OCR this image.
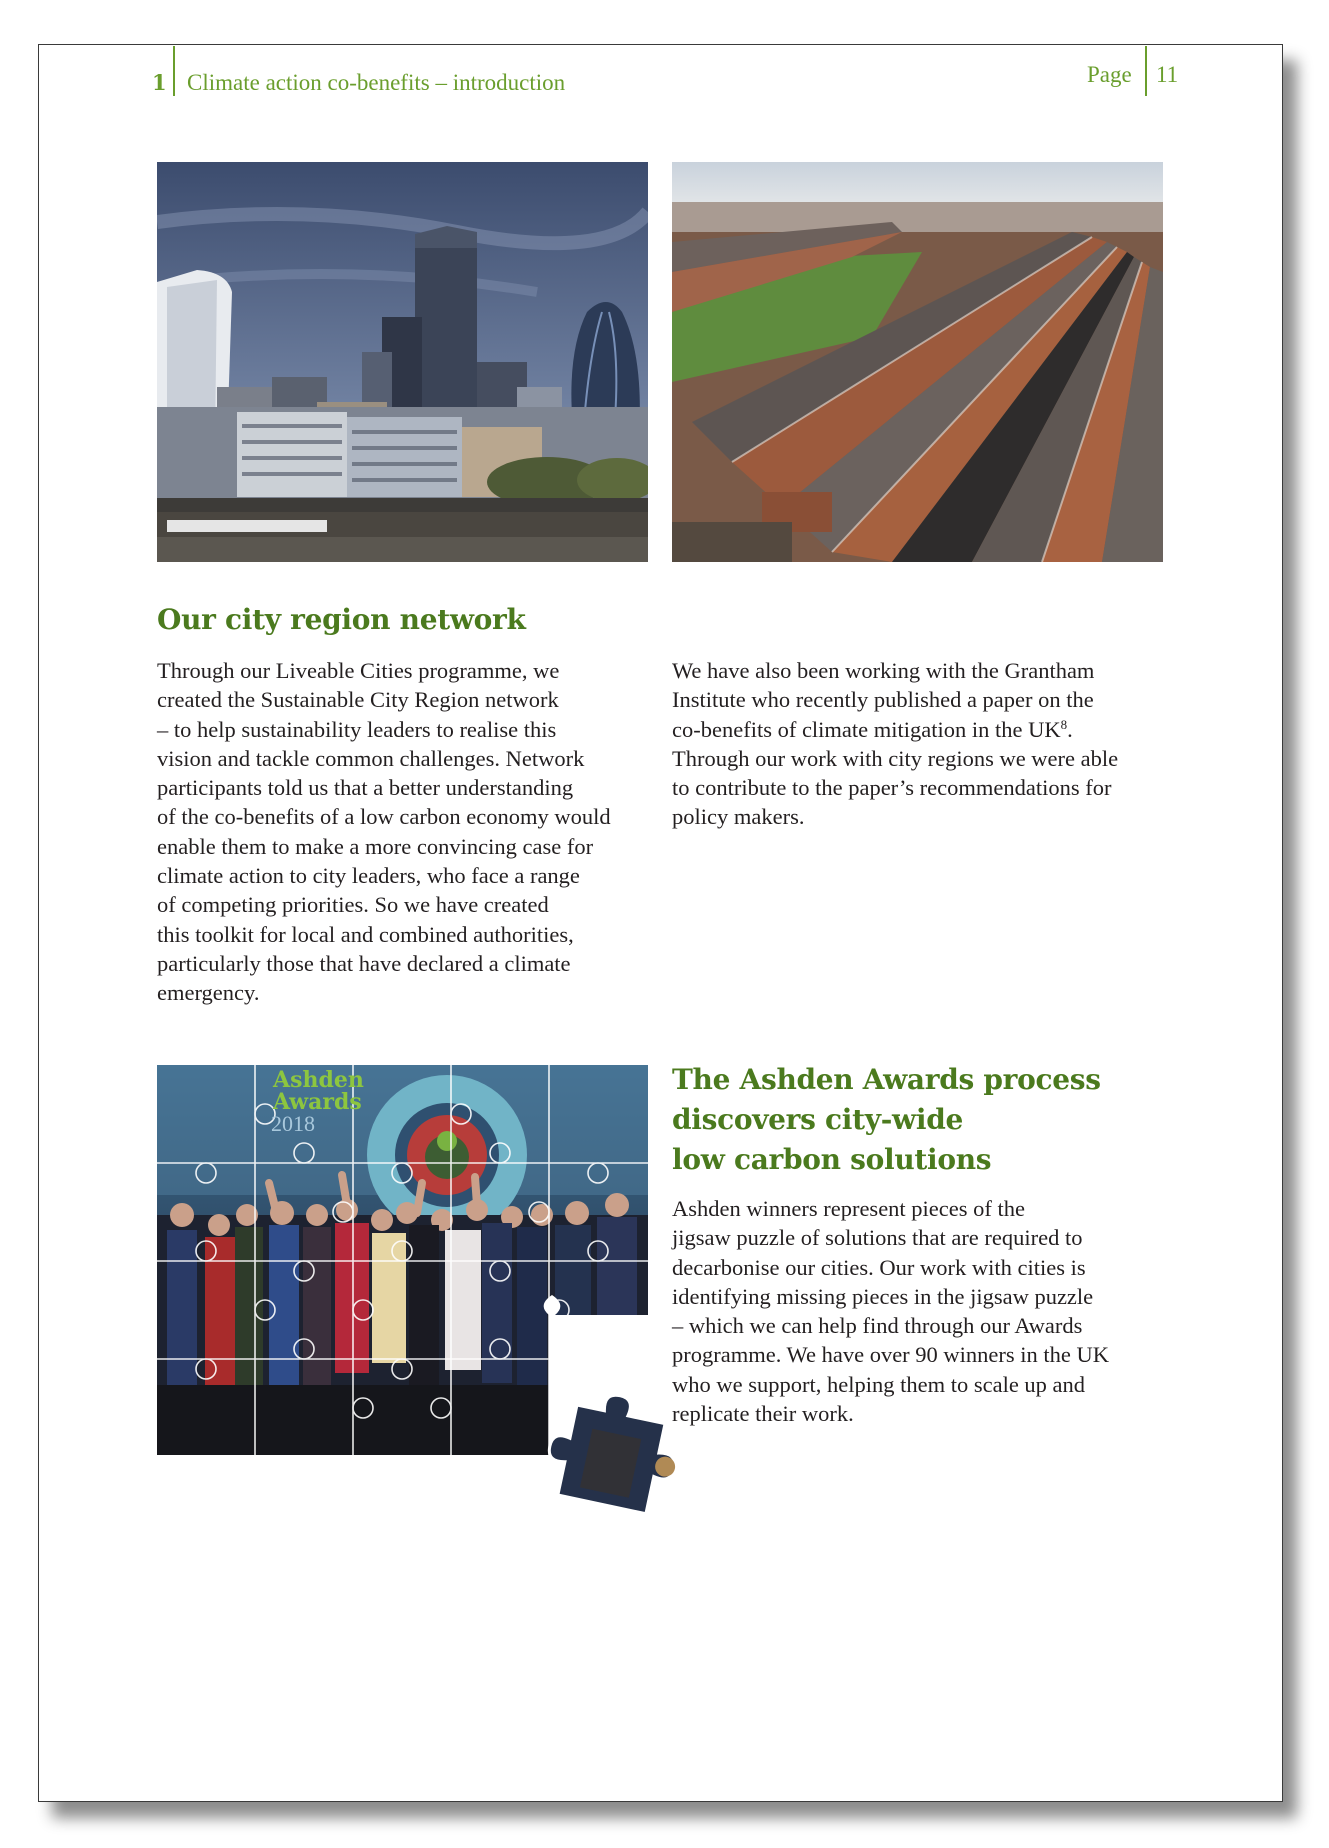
1 Climate action co-benefits – introduction	Page 11
Our city region network

Through our Liveable Cities programme, we

created the Sustainable City Region network

– to help sustainability leaders to realise this

vision and tackle common challenges. Network

participants told us that a better understanding

of the co-benefits of a low carbon economy would

enable them to make a more convincing case for

climate action to city leaders, who face a range

of competing priorities. So we have created

this toolkit for local and combined authorities,

particularly those that have declared a climate

emergency.

We have also been working with the Grantham

Institute who recently published a paper on the

co-benefits of climate mitigation in the $UK^8$.

Through our work with city regions we were able

to contribute to the paper’s recommendations for

policy makers.

Ashden
Awards
2018
The Ashden Awards process
discovers city-wide
low carbon solutions

Ashden winners represent pieces of the

jigsaw puzzle of solutions that are required to

decarbonise our cities. Our work with cities is

identifying missing pieces in the jigsaw puzzle

– which we can help find through our Awards

programme. We have over 90 winners in the UK

who we support, helping them to scale up and

replicate their work.
